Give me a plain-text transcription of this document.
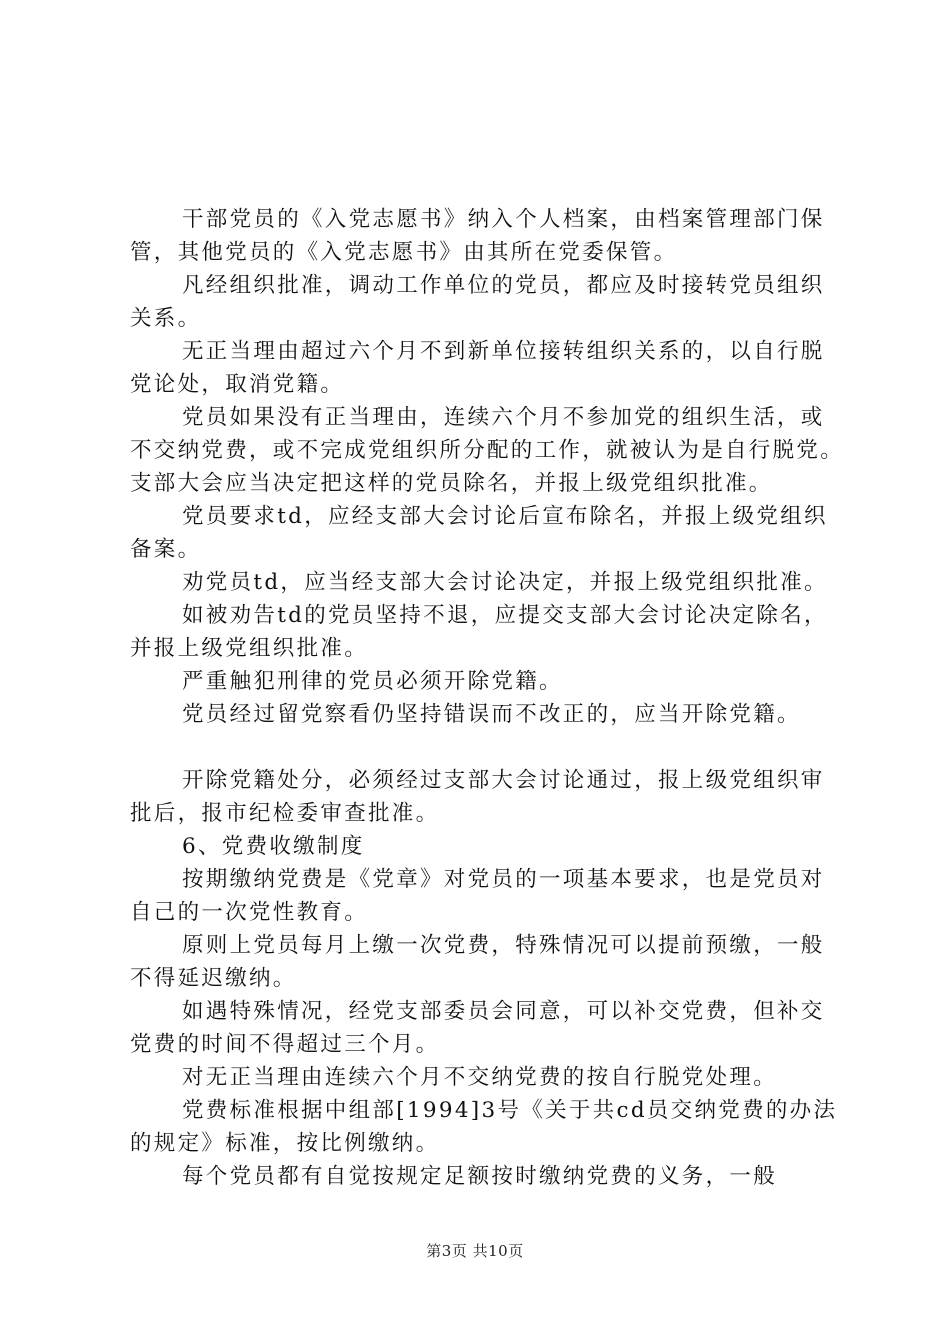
干部党员的《入党志愿书》纳入个人档案，由档案管理部门保管，其他党员的《入党志愿书》由其所在党委保管。

凡经组织批准，调动工作单位的党员，都应及时接转党员组织关系。

无正当理由超过六个月不到新单位接转组织关系的，以自行脱党论处，取消党籍。

党员如果没有正当理由，连续六个月不参加党的组织生活，或不交纳党费，或不完成党组织所分配的工作，就被认为是自行脱党。支部大会应当决定把这样的党员除名，并报上级党组织批准。

党员要求td，应经支部大会讨论后宣布除名，并报上级党组织备案。

劝党员td，应当经支部大会讨论决定，并报上级党组织批准。

如被劝告td的党员坚持不退，应提交支部大会讨论决定除名，并报上级党组织批准。

严重触犯刑律的党员必须开除党籍。

党员经过留党察看仍坚持错误而不改正的，应当开除党籍。

开除党籍处分，必须经过支部大会讨论通过，报上级党组织审批后，报市纪检委审查批准。

6、党费收缴制度

按期缴纳党费是《党章》对党员的一项基本要求，也是党员对自己的一次党性教育。

原则上党员每月上缴一次党费，特殊情况可以提前预缴，一般不得延迟缴纳。

如遇特殊情况，经党支部委员会同意，可以补交党费，但补交党费的时间不得超过三个月。

对无正当理由连续六个月不交纳党费的按自行脱党处理。

党费标准根据中组部[1994]3号《关于共cd员交纳党费的办法的规定》标准，按比例缴纳。

每个党员都有自觉按规定足额按时缴纳党费的义务，一般

第3页 共10页
